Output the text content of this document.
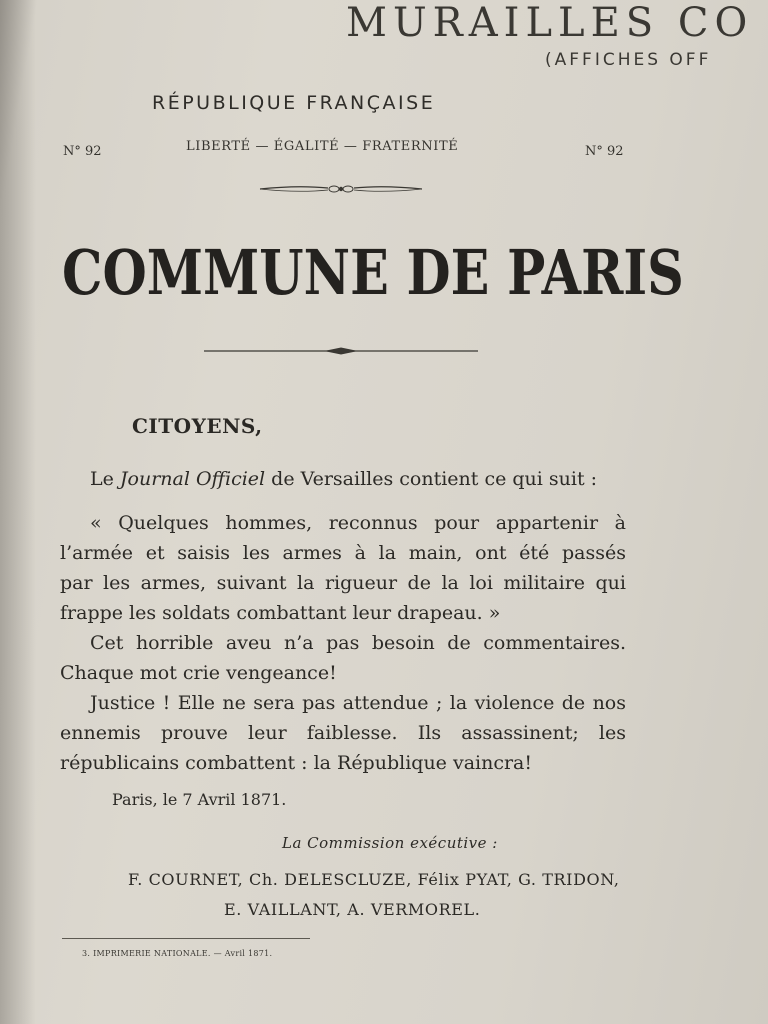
MURAILLES CO
(AFFICHES OFF
RÉPUBLIQUE FRANÇAISE
N° 92	LIBERTÉ — ÉGALITÉ — FRATERNITÉ	N° 92
COMMUNE DE PARIS
CITOYENS,
Le Journal Officiel de Versailles contient ce qui suit :
« Quelques hommes, reconnus pour appartenir à
l’armée et saisis les armes à la main, ont été passés
par les armes, suivant la rigueur de la loi militaire qui
frappe les soldats combattant leur drapeau. »
Cet horrible aveu n’a pas besoin de commentaires.
Chaque mot crie vengeance!
Justice ! Elle ne sera pas attendue ; la violence de nos
ennemis prouve leur faiblesse. Ils assassinent; les
républicains combattent : la République vaincra!
Paris, le 7 Avril 1871.
La Commission exécutive :
F. COURNET, Ch. DELESCLUZE, Félix PYAT, G. TRIDON,
E. VAILLANT, A. VERMOREL.
3. IMPRIMERIE NATIONALE. — Avril 1871.
